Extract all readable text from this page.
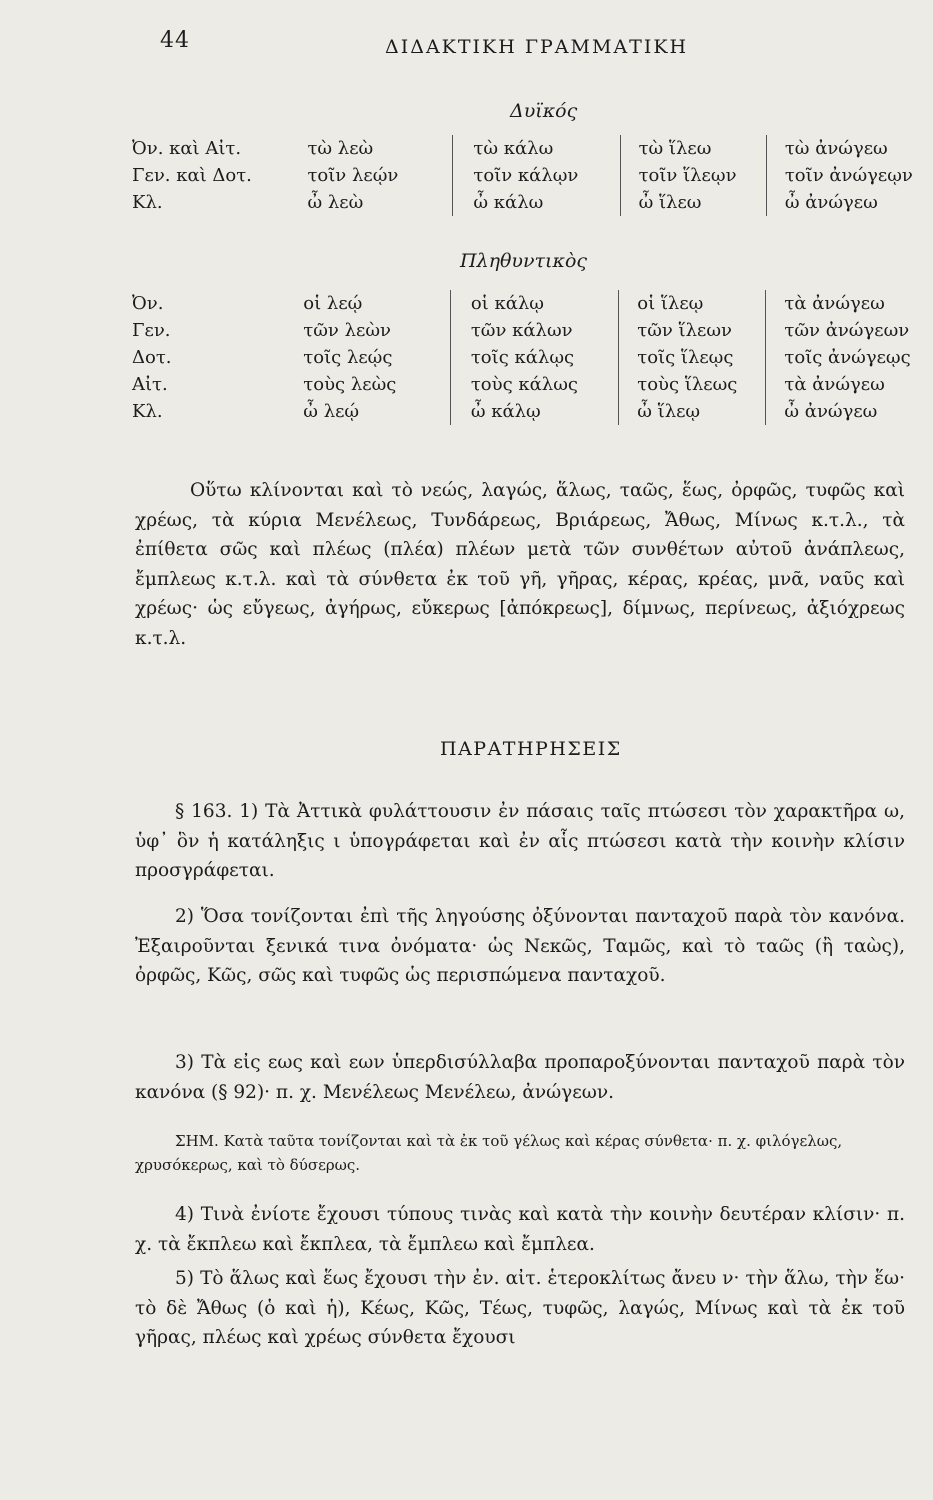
44	ΔΙΔΑΚΤΙΚΗ ΓΡΑΜΜΑΤΙΚΗ
Δυϊκός
Ὀν. καὶ Αἰτ.	τὼ λεὼ	τὼ κάλω	τὼ ἵλεω	τὼ ἀνώγεω
Γεν. καὶ Δοτ.	τοῖν λεῴν	τοῖν κάλῳν	τοῖν ἵλεῳν	τοῖν ἀνώγεῳν
Κλ.	ὦ λεὼ	ὦ κάλω	ὦ ἵλεω	ὦ ἀνώγεω
Πληθυντικὸς
Ὀν.	οἱ λεῴ	οἱ κάλῳ	οἱ ἵλεῳ	τὰ ἀνώγεω
Γεν.	τῶν λεὼν	τῶν κάλων	τῶν ἵλεων	τῶν ἀνώγεων
Δοτ.	τοῖς λεῴς	τοῖς κάλῳς	τοῖς ἵλεῳς	τοῖς ἀνώγεῳς
Αἰτ.	τοὺς λεὼς	τοὺς κάλως	τοὺς ἵλεως	τὰ ἀνώγεω
Κλ.	ὦ λεῴ	ὦ κάλῳ	ὦ ἵλεῳ	ὦ ἀνώγεω
Οὕτω κλίνονται καὶ τὸ νεώς, λαγώς, ἅλως, ταῶς, ἕως, ὀρφῶς, τυφῶς καὶ χρέως, τὰ κύρια Μενέλεως, Τυνδάρεως, Βριάρεως, Ἄθως, Μίνως κ.τ.λ., τὰ ἐπίθετα σῶς καὶ πλέως (πλέα) πλέων μετὰ τῶν συνθέτων αὐτοῦ ἀνάπλεως, ἔμπλεως κ.τ.λ. καὶ τὰ σύνθετα ἐκ τοῦ γῆ, γῆρας, κέρας, κρέας, μνᾶ, ναῦς καὶ χρέως· ὡς εὔγεως, ἀγήρως, εὔκερως [ἀπόκρεως], δίμνως, περίνεως, ἀξιόχρεως κ.τ.λ.
ΠΑΡΑΤΗΡΗΣΕΙΣ
§ 163. 1) Τὰ Ἀττικὰ φυλάττουσιν ἐν πάσαις ταῖς πτώσεσι τὸν χαρακτῆρα ω, ὑφ᾽ ὃν ἡ κατάληξις ι ὑπογράφεται καὶ ἐν αἷς πτώσεσι κατὰ τὴν κοινὴν κλίσιν προσγράφεται.
2) Ὅσα τονίζονται ἐπὶ τῆς ληγούσης ὀξύνονται πανταχοῦ παρὰ τὸν κανόνα. Ἐξαιροῦνται ξενικά τινα ὀνόματα· ὡς Νεκῶς, Ταμῶς, καὶ τὸ ταῶς (ἢ ταὼς), ὀρφῶς, Κῶς, σῶς καὶ τυφῶς ὡς περισπώμενα πανταχοῦ.
3) Τὰ εἰς εως καὶ εων ὑπερδισύλλαβα προπαροξύνονται πανταχοῦ παρὰ τὸν κανόνα (§ 92)· π. χ. Μενέλεως Μενέλεω, ἀνώγεων.
ΣΗΜ. Κατὰ ταῦτα τονίζονται καὶ τὰ ἐκ τοῦ γέλως καὶ κέρας σύνθετα· π. χ. φιλόγελως, χρυσόκερως, καὶ τὸ δύσερως.
4) Τινὰ ἐνίοτε ἔχουσι τύπους τινὰς καὶ κατὰ τὴν κοινὴν δευτέραν κλίσιν· π. χ. τὰ ἔκπλεω καὶ ἔκπλεα, τὰ ἔμπλεω καὶ ἔμπλεα.
5) Τὸ ἅλως καὶ ἕως ἔχουσι τὴν ἐν. αἰτ. ἑτεροκλίτως ἄνευ ν· τὴν ἅλω, τὴν ἕω· τὸ δὲ Ἄθως (ὁ καὶ ἡ), Κέως, Κῶς, Τέως, τυφῶς, λαγώς, Μίνως καὶ τὰ ἐκ τοῦ γῆρας, πλέως καὶ χρέως σύνθετα ἔχουσι
